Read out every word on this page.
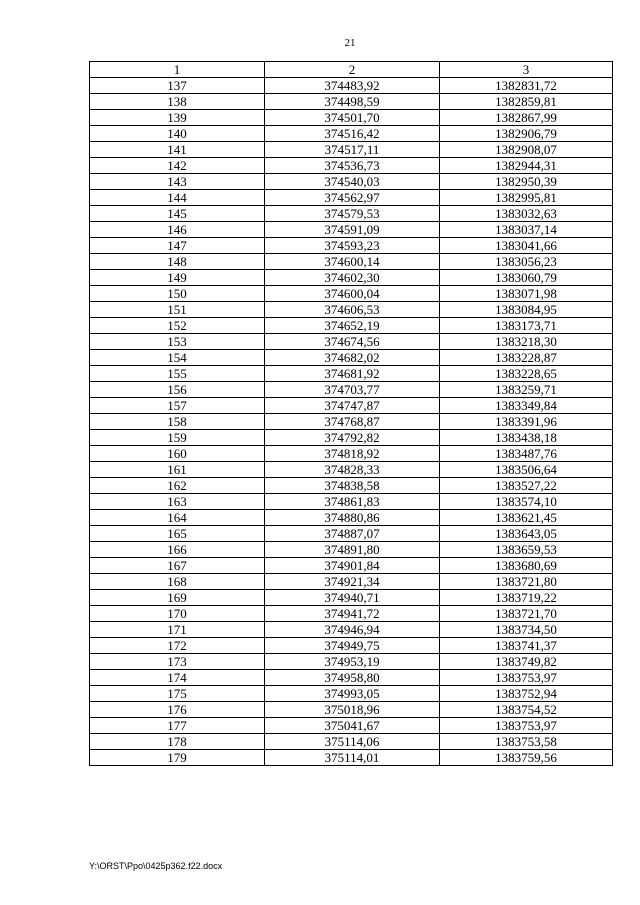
21
1	2	3
137	374483,92	1382831,72
138	374498,59	1382859,81
139	374501,70	1382867,99
140	374516,42	1382906,79
141	374517,11	1382908,07
142	374536,73	1382944,31
143	374540,03	1382950,39
144	374562,97	1382995,81
145	374579,53	1383032,63
146	374591,09	1383037,14
147	374593,23	1383041,66
148	374600,14	1383056,23
149	374602,30	1383060,79
150	374600,04	1383071,98
151	374606,53	1383084,95
152	374652,19	1383173,71
153	374674,56	1383218,30
154	374682,02	1383228,87
155	374681,92	1383228,65
156	374703,77	1383259,71
157	374747,87	1383349,84
158	374768,87	1383391,96
159	374792,82	1383438,18
160	374818,92	1383487,76
161	374828,33	1383506,64
162	374838,58	1383527,22
163	374861,83	1383574,10
164	374880,86	1383621,45
165	374887,07	1383643,05
166	374891,80	1383659,53
167	374901,84	1383680,69
168	374921,34	1383721,80
169	374940,71	1383719,22
170	374941,72	1383721,70
171	374946,94	1383734,50
172	374949,75	1383741,37
173	374953,19	1383749,82
174	374958,80	1383753,97
175	374993,05	1383752,94
176	375018,96	1383754,52
177	375041,67	1383753,97
178	375114,06	1383753,58
179	375114,01	1383759,56
Y:\ORST\Ppo\0425p362.f22.docx
